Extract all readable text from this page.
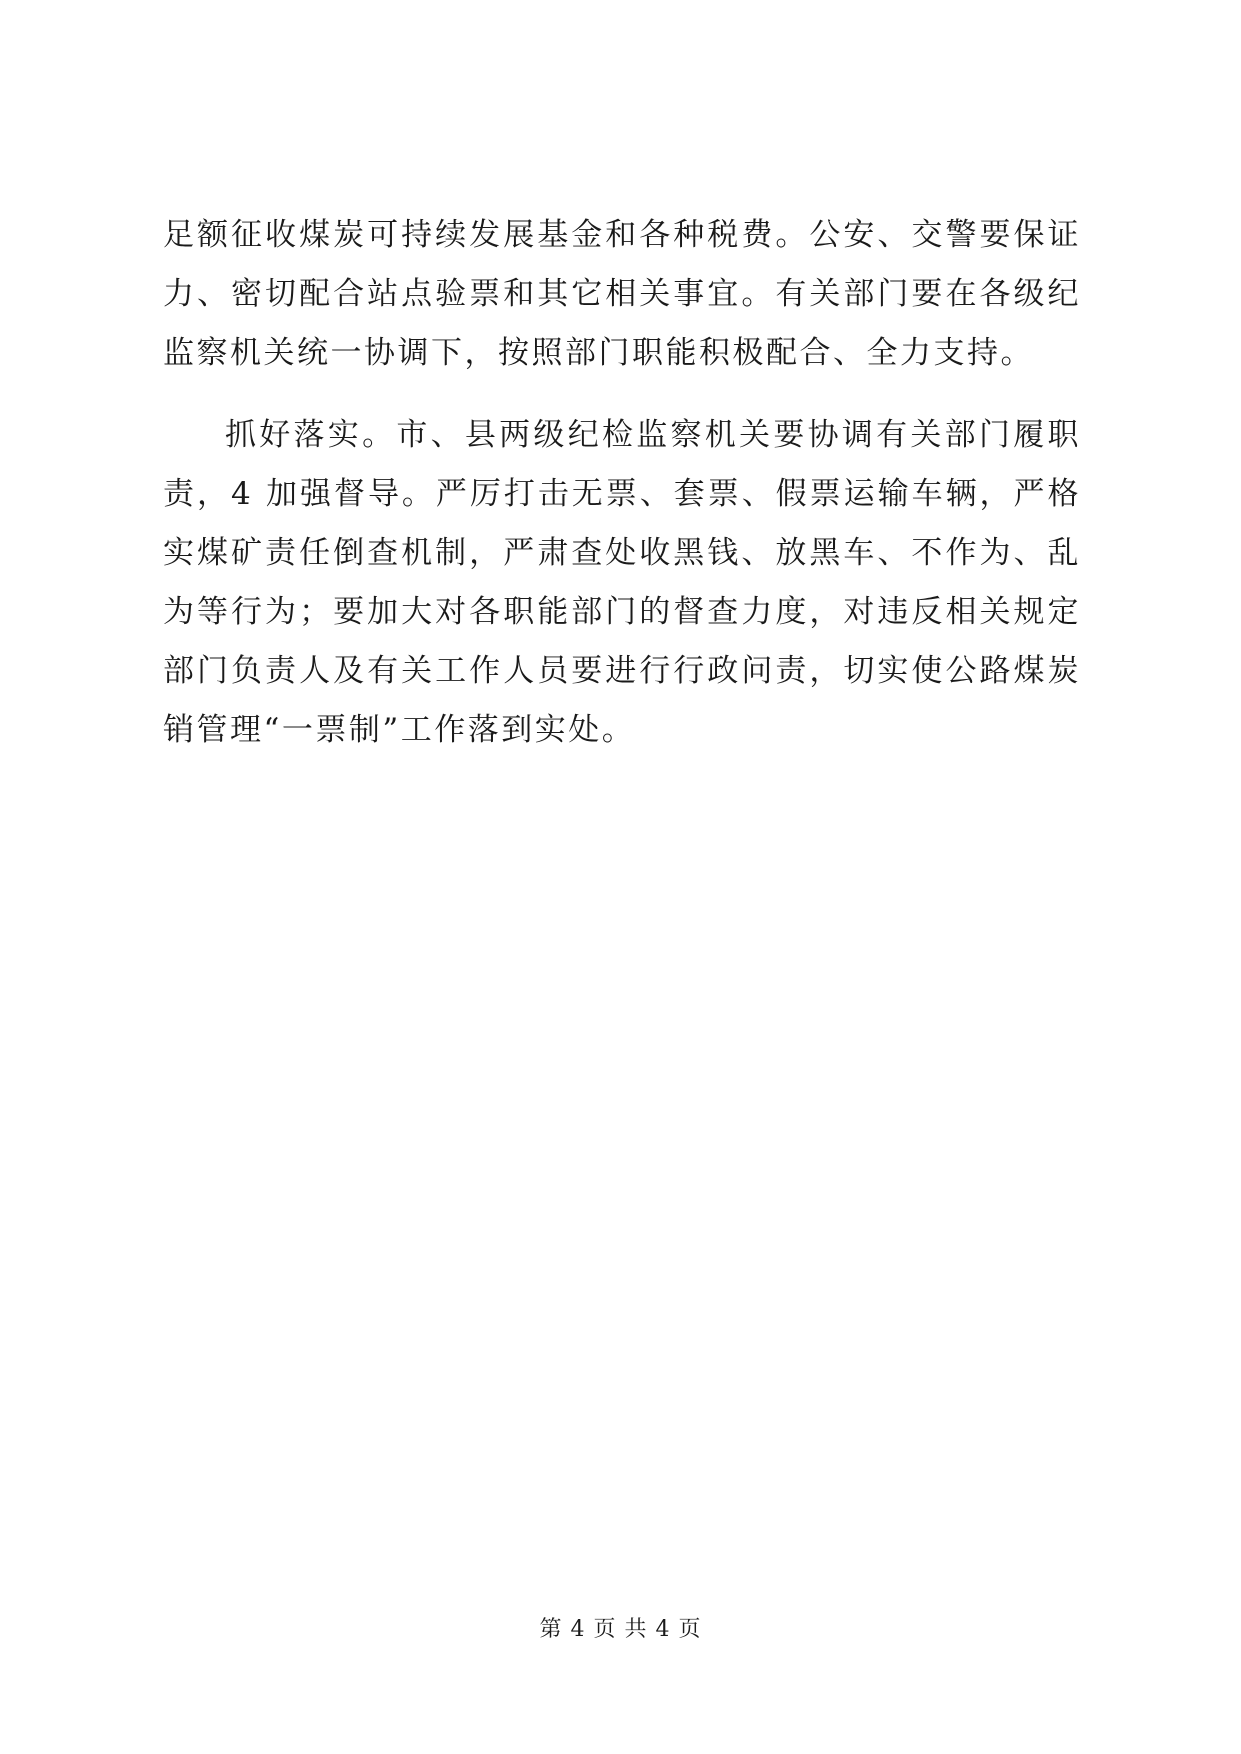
足额征收煤炭可持续发展基金和各种税费。公安、交警要保证
力、密切配合站点验票和其它相关事宜。有关部门要在各级纪
监察机关统一协调下，按照部门职能积极配合、全力支持。
抓好落实。市、县两级纪检监察机关要协调有关部门履职
责，4 加强督导。严厉打击无票、套票、假票运输车辆，严格
实煤矿责任倒查机制，严肃查处收黑钱、放黑车、不作为、乱
为等行为；要加大对各职能部门的督查力度，对违反相关规定
部门负责人及有关工作人员要进行行政问责，切实使公路煤炭
销管理“一票制”工作落到实处。
第 4 页 共 4 页
